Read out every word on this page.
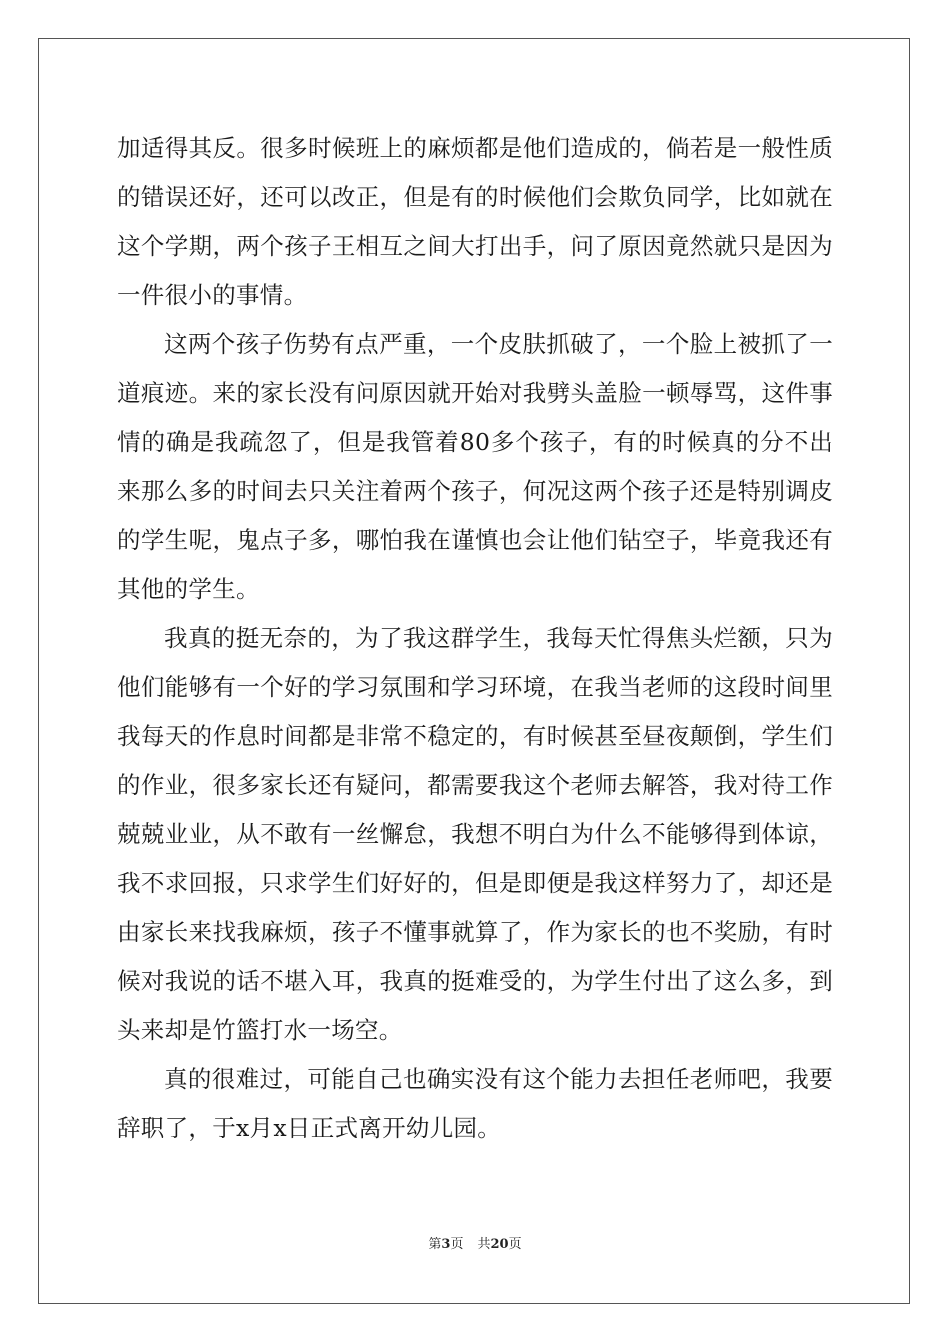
加适得其反。很多时候班上的麻烦都是他们造成的，倘若是一般性质的错误还好，还可以改正，但是有的时候他们会欺负同学，比如就在这个学期，两个孩子王相互之间大打出手，问了原因竟然就只是因为一件很小的事情。

这两个孩子伤势有点严重，一个皮肤抓破了，一个脸上被抓了一道痕迹。来的家长没有问原因就开始对我劈头盖脸一顿辱骂，这件事情的确是我疏忽了，但是我管着80多个孩子，有的时候真的分不出来那么多的时间去只关注着两个孩子，何况这两个孩子还是特别调皮的学生呢，鬼点子多，哪怕我在谨慎也会让他们钻空子，毕竟我还有其他的学生。

我真的挺无奈的，为了我这群学生，我每天忙得焦头烂额，只为他们能够有一个好的学习氛围和学习环境，在我当老师的这段时间里我每天的作息时间都是非常不稳定的，有时候甚至昼夜颠倒，学生们的作业，很多家长还有疑问，都需要我这个老师去解答，我对待工作兢兢业业，从不敢有一丝懈怠，我想不明白为什么不能够得到体谅，我不求回报，只求学生们好好的，但是即便是我这样努力了，却还是由家长来找我麻烦，孩子不懂事就算了，作为家长的也不奖励，有时候对我说的话不堪入耳，我真的挺难受的，为学生付出了这么多，到头来却是竹篮打水一场空。

真的很难过，可能自己也确实没有这个能力去担任老师吧，我要辞职了，于x月x日正式离开幼儿园。

第3页 共20页
